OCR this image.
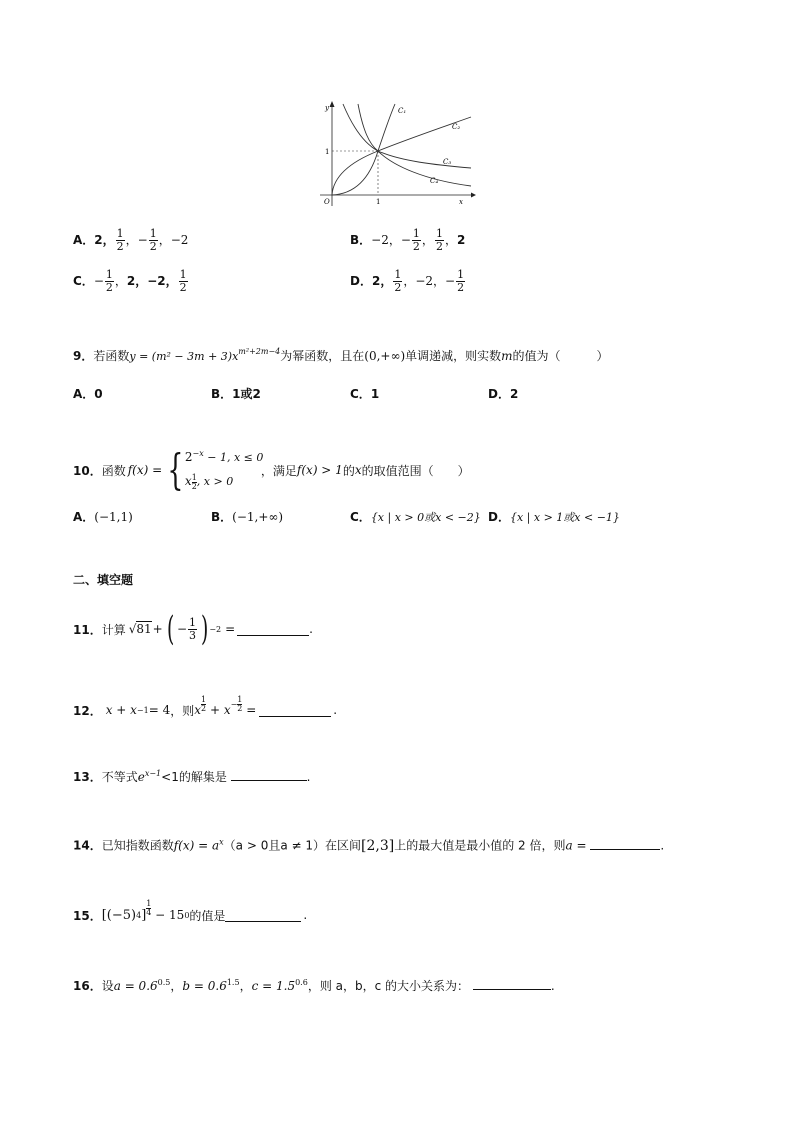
y
x
O	1
1
C₁
C₂
C₃
C₄
A．2， $\frac{1}{2}$ ，− $\frac{1}{2}$ ，−2	B．−2，− $\frac{1}{2}$ ， $\frac{1}{2}$ ，2
C．− $\frac{1}{2}$ ，2，−2， $\frac{1}{2}$	D．2， $\frac{1}{2}$ ，−2，− $\frac{1}{2}$
9．若函数$y = (m^2 - 3m + 3)x^{m^2+2m-4}$为幂函数，且在(0,+∞)单调递减，则实数m的值为（　　　）
A．0	B．1或2	C．1	D．2
10． 函数 f(x) = { $2^{-x} - 1$, x ≤ 0
x $\frac{1}{2}$ , x > 0
，满足 f(x) > 1 的 x 的取值范围（　　）
A．(−1,1)	B．(−1,+∞)	C．{x | x > 0或x < −2} D．{x | x > 1或x < −1}
二、填空题
11． 计算 √81 + ( − $\frac{1}{3}$ ) −2 =	.
12． x + x −1 = 4 ，则 x
1
$2 + x - \frac{1}{2}$ =	.
13．不等式$e^{x-1}<1$的解集是	.
14．已知指数函数$f(x) = a^x(a > 0$且a ≠ 1）在区间[2,3]上的最大值是最小值的 2 倍，则a =	.
15． [(−5) 4 ]
1
4 − 15 0 的值是	.
16．设$a = 0.6^{0.5}$，$b = 0.6^{1.5}$，$c = 1.5^{0.6}$，则 a，b，c 的大小关系为：	.
